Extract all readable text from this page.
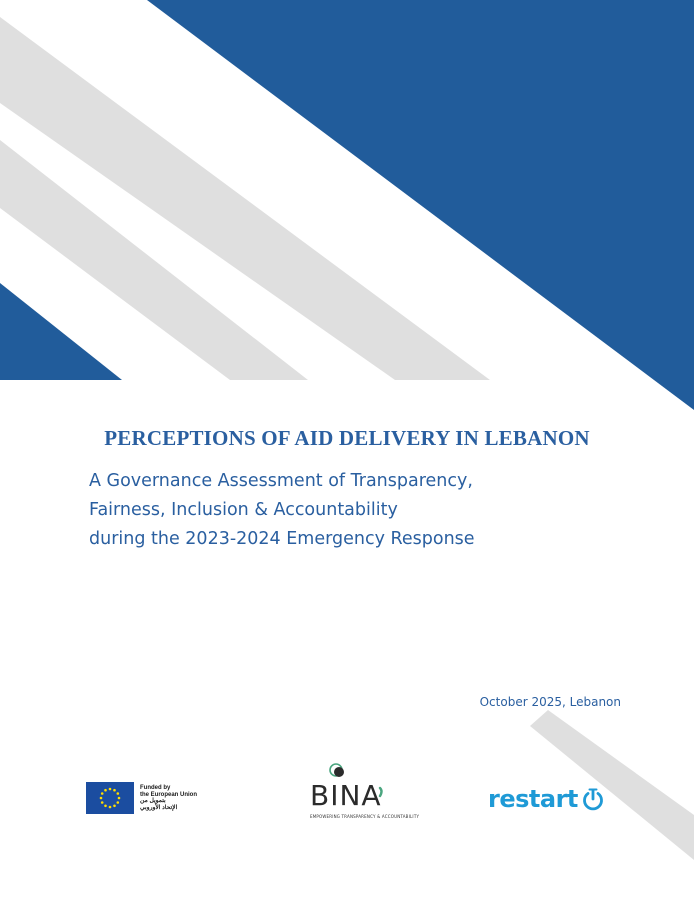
PERCEPTIONS OF AID DELIVERY IN LEBANON
A Governance Assessment of Transparency,
Fairness, Inclusion & Accountability
during the 2023-2024 Emergency Response
October 2025, Lebanon
Funded by
the European Union
بتمويل من
الإتحاد الأوروبي	BINA
EMPOWERING TRANSPARENCY & ACCOUNTABILITY
restart
